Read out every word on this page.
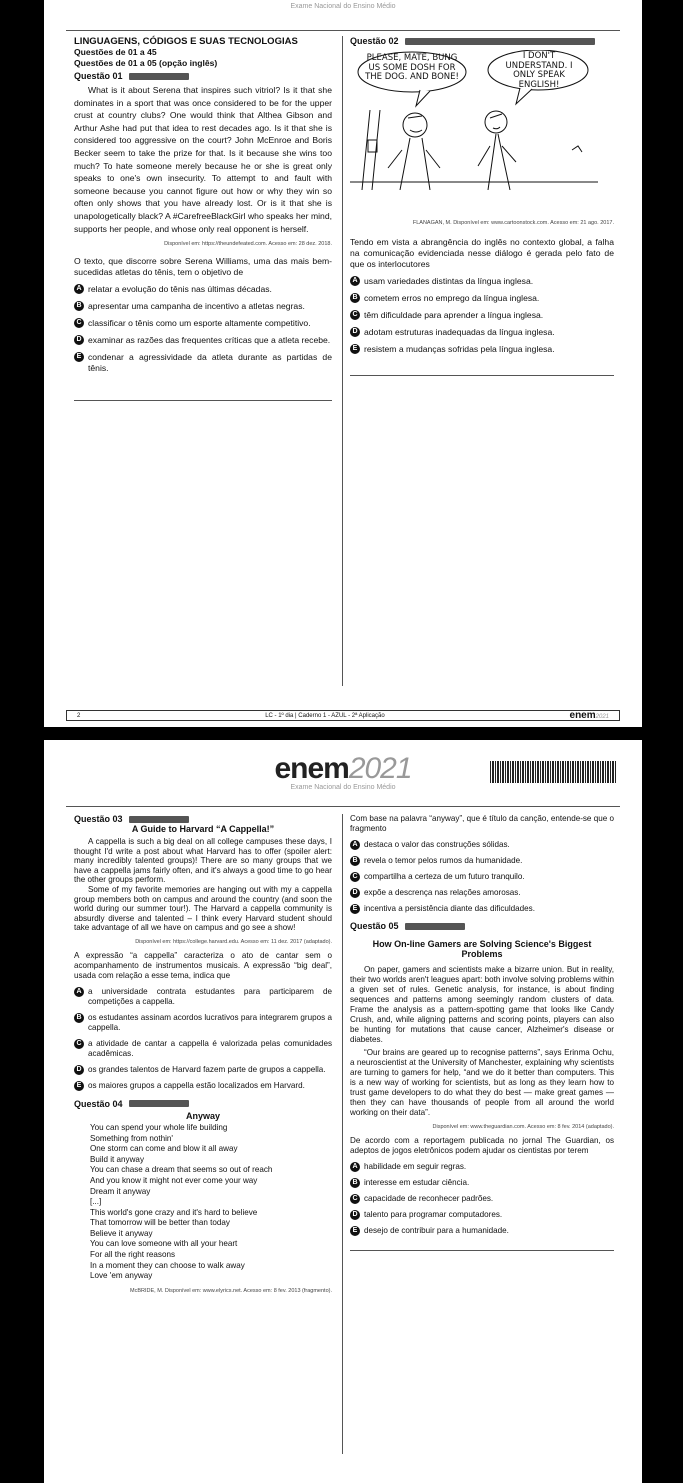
Exame Nacional do Ensino Médio
LINGUAGENS, CÓDIGOS E SUAS TECNOLOGIAS
Questões de 01 a 45
Questões de 01 a 05 (opção inglês)
Questão 01
What is it about Serena that inspires such vitriol? Is it that she dominates in a sport that was once considered to be for the upper crust at country clubs? One would think that Althea Gibson and Arthur Ashe had put that idea to rest decades ago. Is it that she is considered too aggressive on the court? John McEnroe and Boris Becker seem to take the prize for that. Is it because she wins too much? To hate someone merely because he or she is great only speaks to one's own insecurity. To attempt to and fault with someone because you cannot figure out how or why they win so often only shows that you have already lost. Or is it that she is unapologetically black? A #CarefreeBlackGirl who speaks her mind, supports her people, and whose only real opponent is herself.
Disponível em: https://theundefeated.com. Acesso em: 28 dez. 2018.
O texto, que discorre sobre Serena Williams, uma das mais bem-sucedidas atletas do tênis, tem o objetivo de
A relatar a evolução do tênis nas últimas décadas.
B apresentar uma campanha de incentivo a atletas negras.
C classificar o tênis como um esporte altamente competitivo.
D examinar as razões das frequentes críticas que a atleta recebe.
E condenar a agressividade da atleta durante as partidas de tênis.
Questão 02
PLEASE, MATE, BUNG US SOME DOSH FOR THE DOG. AND BONE!
I DON'T UNDERSTAND. I ONLY SPEAK ENGLISH!
FLANAGAN, M. Disponível em: www.cartoonstock.com. Acesso em: 21 ago. 2017.
Tendo em vista a abrangência do inglês no contexto global, a falha na comunicação evidenciada nesse diálogo é gerada pelo fato de que os interlocutores
A usam variedades distintas da língua inglesa.
B cometem erros no emprego da língua inglesa.
C têm dificuldade para aprender a língua inglesa.
D adotam estruturas inadequadas da língua inglesa.
E resistem a mudanças sofridas pela língua inglesa.
2	LC - 1º dia | Caderno 1 - AZUL - 2ª Aplicação	enem2021
enem2021
Exame Nacional do Ensino Médio
Questão 03
A Guide to Harvard “A Cappella!”
A cappella is such a big deal on all college campuses these days, I thought I'd write a post about what Harvard has to offer (spoiler alert: many incredibly talented groups)! There are so many groups that we have a cappella jams fairly often, and it's always a good time to go hear the other groups perform.
Some of my favorite memories are hanging out with my a cappella group members both on campus and around the country (and soon the world during our summer tour!). The Harvard a cappella community is absurdly diverse and talented – I think every Harvard student should take advantage of all we have on campus and go see a show!
Disponível em: https://college.harvard.edu. Acesso em: 11 dez. 2017 (adaptado).
A expressão “a cappella” caracteriza o ato de cantar sem o acompanhamento de instrumentos musicais. A expressão “big deal”, usada com relação a esse tema, indica que
A a universidade contrata estudantes para participarem de competições a cappella.
B os estudantes assinam acordos lucrativos para integrarem grupos a cappella.
C a atividade de cantar a cappella é valorizada pelas comunidades acadêmicas.
D os grandes talentos de Harvard fazem parte de grupos a cappella.
E os maiores grupos a cappella estão localizados em Harvard.
Questão 04
Anyway
You can spend your whole life building
Something from nothin'
One storm can come and blow it all away
Build it anyway
You can chase a dream that seems so out of reach
And you know it might not ever come your way
Dream it anyway
[...]
This world's gone crazy and it's hard to believe
That tomorrow will be better than today
Believe it anyway
You can love someone with all your heart
For all the right reasons
In a moment they can choose to walk away
Love 'em anyway
McBRIDE, M. Disponível em: www.elyrics.net. Acesso em: 8 fev. 2013 (fragmento).
Com base na palavra “anyway”, que é título da canção, entende-se que o fragmento
A destaca o valor das construções sólidas.
B revela o temor pelos rumos da humanidade.
C compartilha a certeza de um futuro tranquilo.
D expõe a descrença nas relações amorosas.
E incentiva a persistência diante das dificuldades.
Questão 05
How On-line Gamers are Solving Science's Biggest Problems
On paper, gamers and scientists make a bizarre union. But in reality, their two worlds aren't leagues apart: both involve solving problems within a given set of rules. Genetic analysis, for instance, is about finding sequences and patterns among seemingly random clusters of data. Frame the analysis as a pattern-spotting game that looks like Candy Crush, and, while aligning patterns and scoring points, players can also be hunting for mutations that cause cancer, Alzheimer's disease or diabetes.
“Our brains are geared up to recognise patterns”, says Erinma Ochu, a neuroscientist at the University of Manchester, explaining why scientists are turning to gamers for help, “and we do it better than computers. This is a new way of working for scientists, but as long as they learn how to trust game developers to do what they do best — make great games — then they can have thousands of people from all around the world working on their data”.
Disponível em: www.theguardian.com. Acesso em: 8 fev. 2014 (adaptado).
De acordo com a reportagem publicada no jornal The Guardian, os adeptos de jogos eletrônicos podem ajudar os cientistas por terem
A habilidade em seguir regras.
B interesse em estudar ciência.
C capacidade de reconhecer padrões.
D talento para programar computadores.
E desejo de contribuir para a humanidade.
